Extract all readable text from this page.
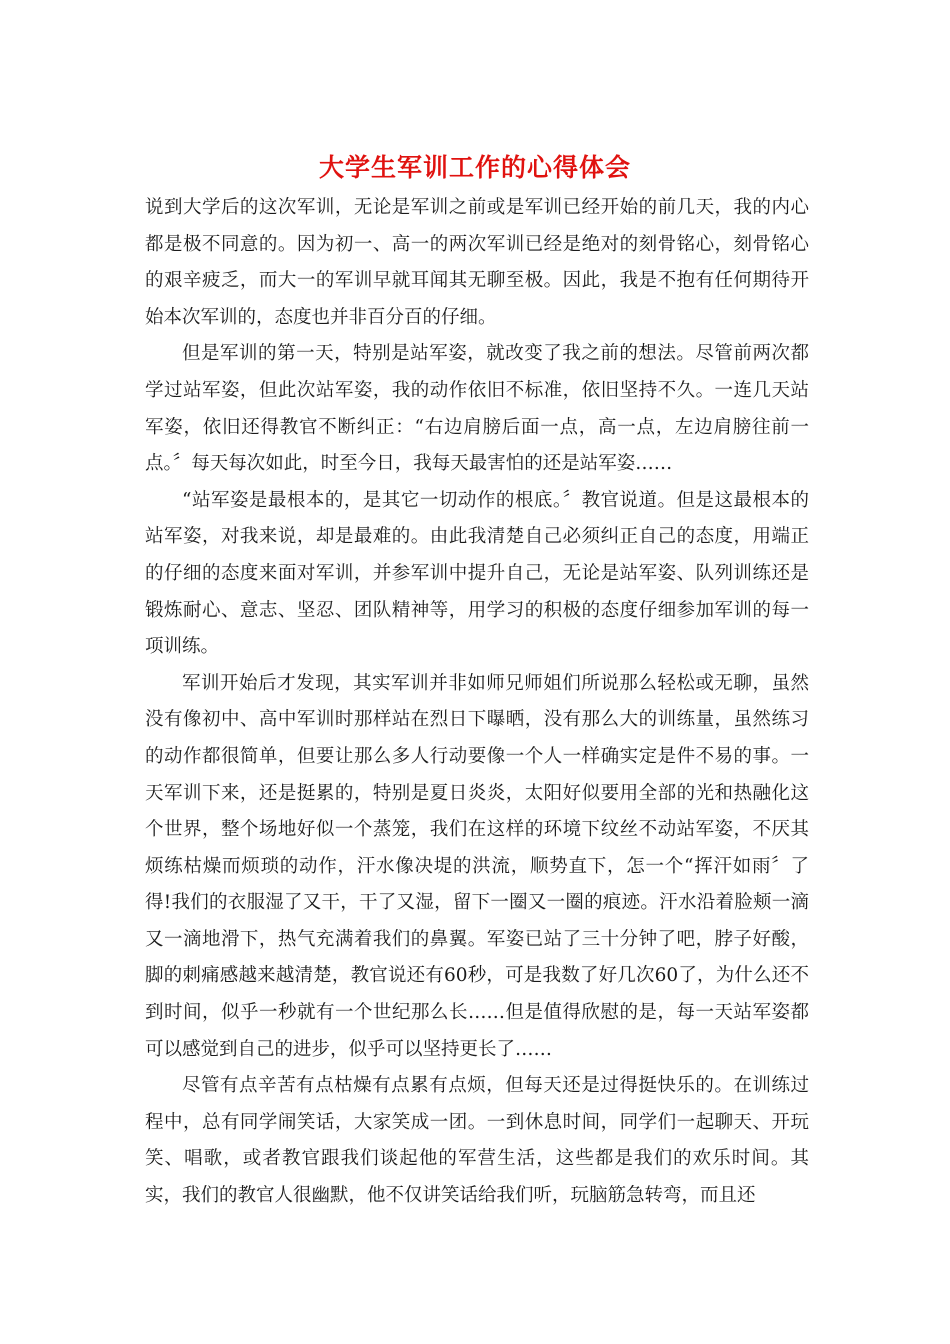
大学生军训工作的心得体会

说到大学后的这次军训，无论是军训之前或是军训已经开始的前几天，我的内心都是极不同意的。因为初一、高一的两次军训已经是绝对的刻骨铭心，刻骨铭心的艰辛疲乏，而大一的军训早就耳闻其无聊至极。因此，我是不抱有任何期待开始本次军训的，态度也并非百分百的仔细。

但是军训的第一天，特别是站军姿，就改变了我之前的想法。尽管前两次都学过站军姿，但此次站军姿，我的动作依旧不标准，依旧坚持不久。一连几天站军姿，依旧还得教官不断纠正：“右边肩膀后面一点，高一点，左边肩膀往前一点。〞每天每次如此，时至今日，我每天最害怕的还是站军姿……

“站军姿是最根本的，是其它一切动作的根底。〞教官说道。但是这最根本的站军姿，对我来说，却是最难的。由此我清楚自己必须纠正自己的态度，用端正的仔细的态度来面对军训，并参军训中提升自己，无论是站军姿、队列训练还是锻炼耐心、意志、坚忍、团队精神等，用学习的积极的态度仔细参加军训的每一项训练。

军训开始后才发现，其实军训并非如师兄师姐们所说那么轻松或无聊，虽然没有像初中、高中军训时那样站在烈日下曝晒，没有那么大的训练量，虽然练习的动作都很简单，但要让那么多人行动要像一个人一样确实定是件不易的事。一天军训下来，还是挺累的，特别是夏日炎炎，太阳好似要用全部的光和热融化这个世界，整个场地好似一个蒸笼，我们在这样的环境下纹丝不动站军姿，不厌其烦练枯燥而烦琐的动作，汗水像决堤的洪流，顺势直下，怎一个“挥汗如雨〞了得!我们的衣服湿了又干，干了又湿，留下一圈又一圈的痕迹。汗水沿着脸颊一滴又一滴地滑下，热气充满着我们的鼻翼。军姿已站了三十分钟了吧，脖子好酸，脚的刺痛感越来越清楚，教官说还有60秒，可是我数了好几次60了，为什么还不到时间，似乎一秒就有一个世纪那么长……但是值得欣慰的是，每一天站军姿都可以感觉到自己的进步，似乎可以坚持更长了……

尽管有点辛苦有点枯燥有点累有点烦，但每天还是过得挺快乐的。在训练过程中，总有同学闹笑话，大家笑成一团。一到休息时间，同学们一起聊天、开玩笑、唱歌，或者教官跟我们谈起他的军营生活，这些都是我们的欢乐时间。其实，我们的教官人很幽默，他不仅讲笑话给我们听，玩脑筋急转弯，而且还
